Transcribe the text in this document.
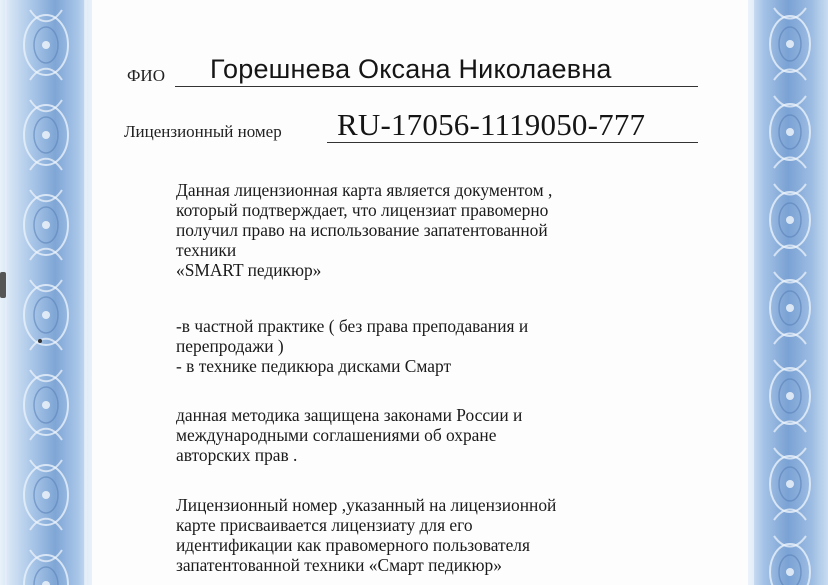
ФИО Горешнева Оксана Николаевна
Лицензионный номер RU-17056-1119050-777
Данная лицензионная карта является документом ,
который подтверждает, что лицензиат правомерно
получил право на использование запатентованной
техники
«SMART педикюр»
-в частной практике ( без права преподавания и
перепродажи )
- в технике педикюра дисками Смарт
данная методика защищена законами России и
международными соглашениями об охране
авторских прав .
Лицензионный номер ,указанный на лицензионной
карте присваивается лицензиату для его
идентификации как правомерного пользователя
запатентованной техники «Смарт педикюр»
